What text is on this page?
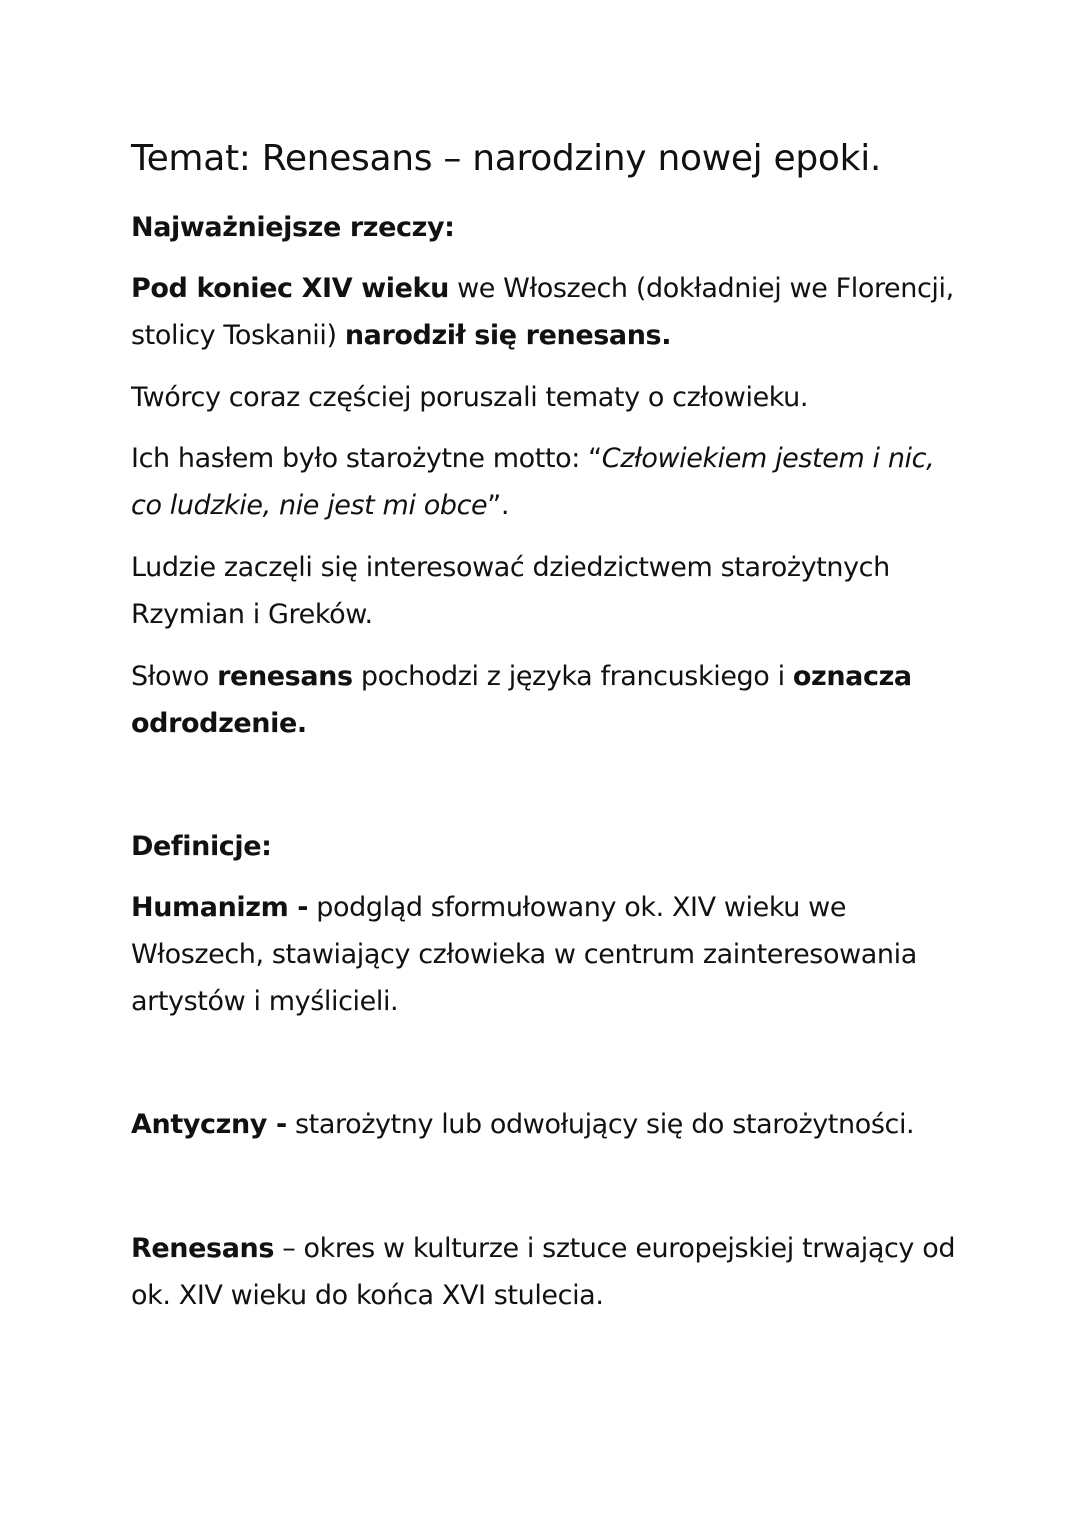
Temat: Renesans – narodziny nowej epoki.
Najważniejsze rzeczy:
Pod koniec XIV wieku we Włoszech (dokładniej we Florencji, stolicy Toskanii) narodził się renesans.
Twórcy coraz częściej poruszali tematy o człowieku.
Ich hasłem było starożytne motto: “Człowiekiem jestem i nic, co ludzkie, nie jest mi obce”.
Ludzie zaczęli się interesować dziedzictwem starożytnych Rzymian i Greków.
Słowo renesans pochodzi z języka francuskiego i oznacza odrodzenie.
Definicje:
Humanizm - podgląd sformułowany ok. XIV wieku we Włoszech, stawiający człowieka w centrum zainteresowania artystów i myślicieli.
Antyczny - starożytny lub odwołujący się do starożytności.
Renesans – okres w kulturze i sztuce europejskiej trwający od ok. XIV wieku do końca XVI stulecia.
